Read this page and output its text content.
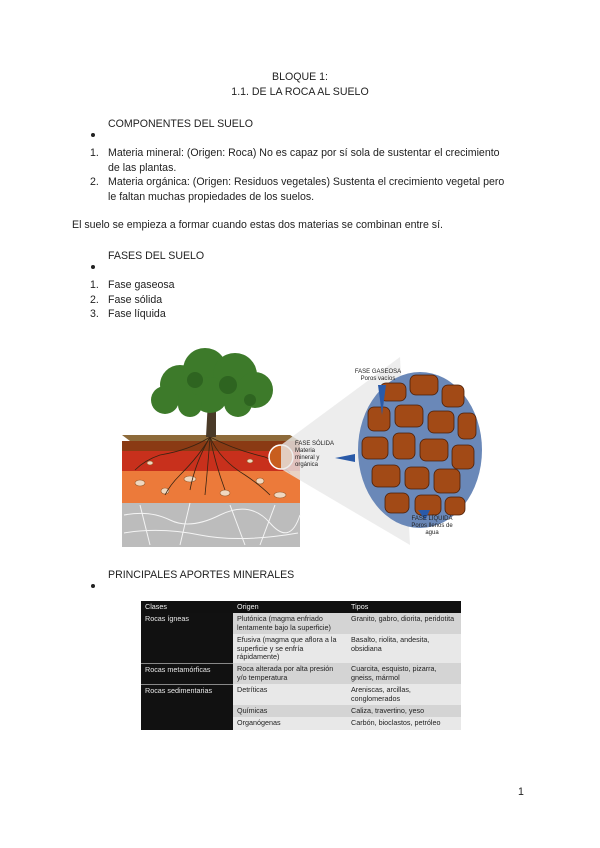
BLOQUE 1:
1.1. DE LA ROCA AL SUELO
COMPONENTES DEL SUELO
1. Materia mineral: (Origen: Roca) No es capaz por sí sola de sustentar el crecimiento
de las plantas.
2. Materia orgánica: (Origen: Residuos vegetales) Sustenta el crecimiento vegetal pero
le faltan muchas propiedades de los suelos.
El suelo se empieza a formar cuando estas dos materias se combinan entre sí.
FASES DEL SUELO
1. Fase gaseosa
2. Fase sólida
3. Fase líquida
FASE GASEOSA
Poros vacíos
FASE SÓLIDA
Materia
mineral y
orgánica
FASE LÍQUIDA
Poros llenos de
agua
PRINCIPALES APORTES MINERALES
Clases	Origen	Tipos
Rocas ígneas	Plutónica (magma enfriado lentamente bajo la superficie)	Granito, gabro, diorita, peridotita
	Efusiva (magma que aflora a la superficie y se enfría rápidamente)	Basalto, riolita, andesita, obsidiana
Rocas metamórficas	Roca alterada por alta presión y/o temperatura	Cuarcita, esquisto, pizarra, gneiss, mármol
Rocas sedimentarias	Detríticas	Areniscas, arcillas, conglomerados
	Químicas	Caliza, travertino, yeso
	Organógenas	Carbón, bioclastos, petróleo
1
